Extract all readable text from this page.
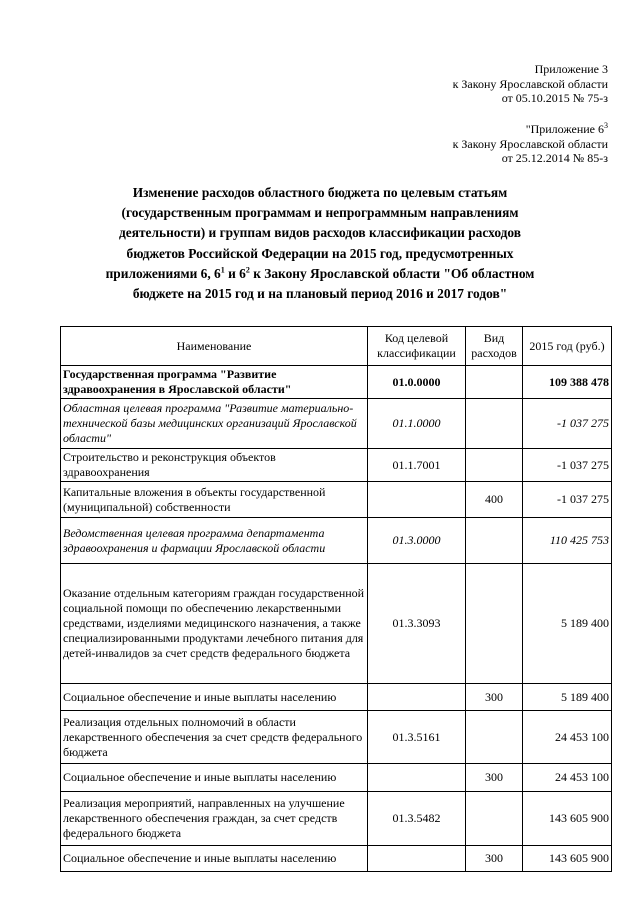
Приложение 3
к Закону Ярославской области
от 05.10.2015 № 75-з
"Приложение $6^3$
к Закону Ярославской области
от 25.12.2014 № 85-з
Изменение расходов областного бюджета по целевым статьям
(государственным программам и непрограммным направлениям
деятельности) и группам видов расходов классификации расходов
бюджетов Российской Федерации на 2015 год, предусмотренных
приложениями 6, $6^1$ и $6^2$ к Закону Ярославской области "Об областном
бюджете на 2015 год и на плановый период 2016 и 2017 годов"
Наименование	Код целевой классификации	Вид расходов	2015 год (руб.)
Государственная программа "Развитие здравоохранения в Ярославской области"	01.0.0000		109 388 478
Областная целевая программа "Развитие материально-технической базы медицинских организаций Ярославской области"	01.1.0000		-1 037 275
Строительство и реконструкция объектов здравоохранения	01.1.7001		-1 037 275
Капитальные вложения в объекты государственной (муниципальной) собственности		400	-1 037 275
Ведомственная целевая программа департамента здравоохранения и фармации Ярославской области	01.3.0000		110 425 753
Оказание отдельным категориям граждан государственной социальной помощи по обеспечению лекарственными средствами, изделиями медицинского назначения, а также специализированными продуктами лечебного питания для детей-инвалидов за счет средств федерального бюджета	01.3.3093		5 189 400
Социальное обеспечение и иные выплаты населению		300	5 189 400
Реализация отдельных полномочий в области лекарственного обеспечения за счет средств федерального бюджета	01.3.5161		24 453 100
Социальное обеспечение и иные выплаты населению		300	24 453 100
Реализация мероприятий, направленных на улучшение лекарственного обеспечения граждан, за счет средств федерального бюджета	01.3.5482		143 605 900
Социальное обеспечение и иные выплаты населению		300	143 605 900
